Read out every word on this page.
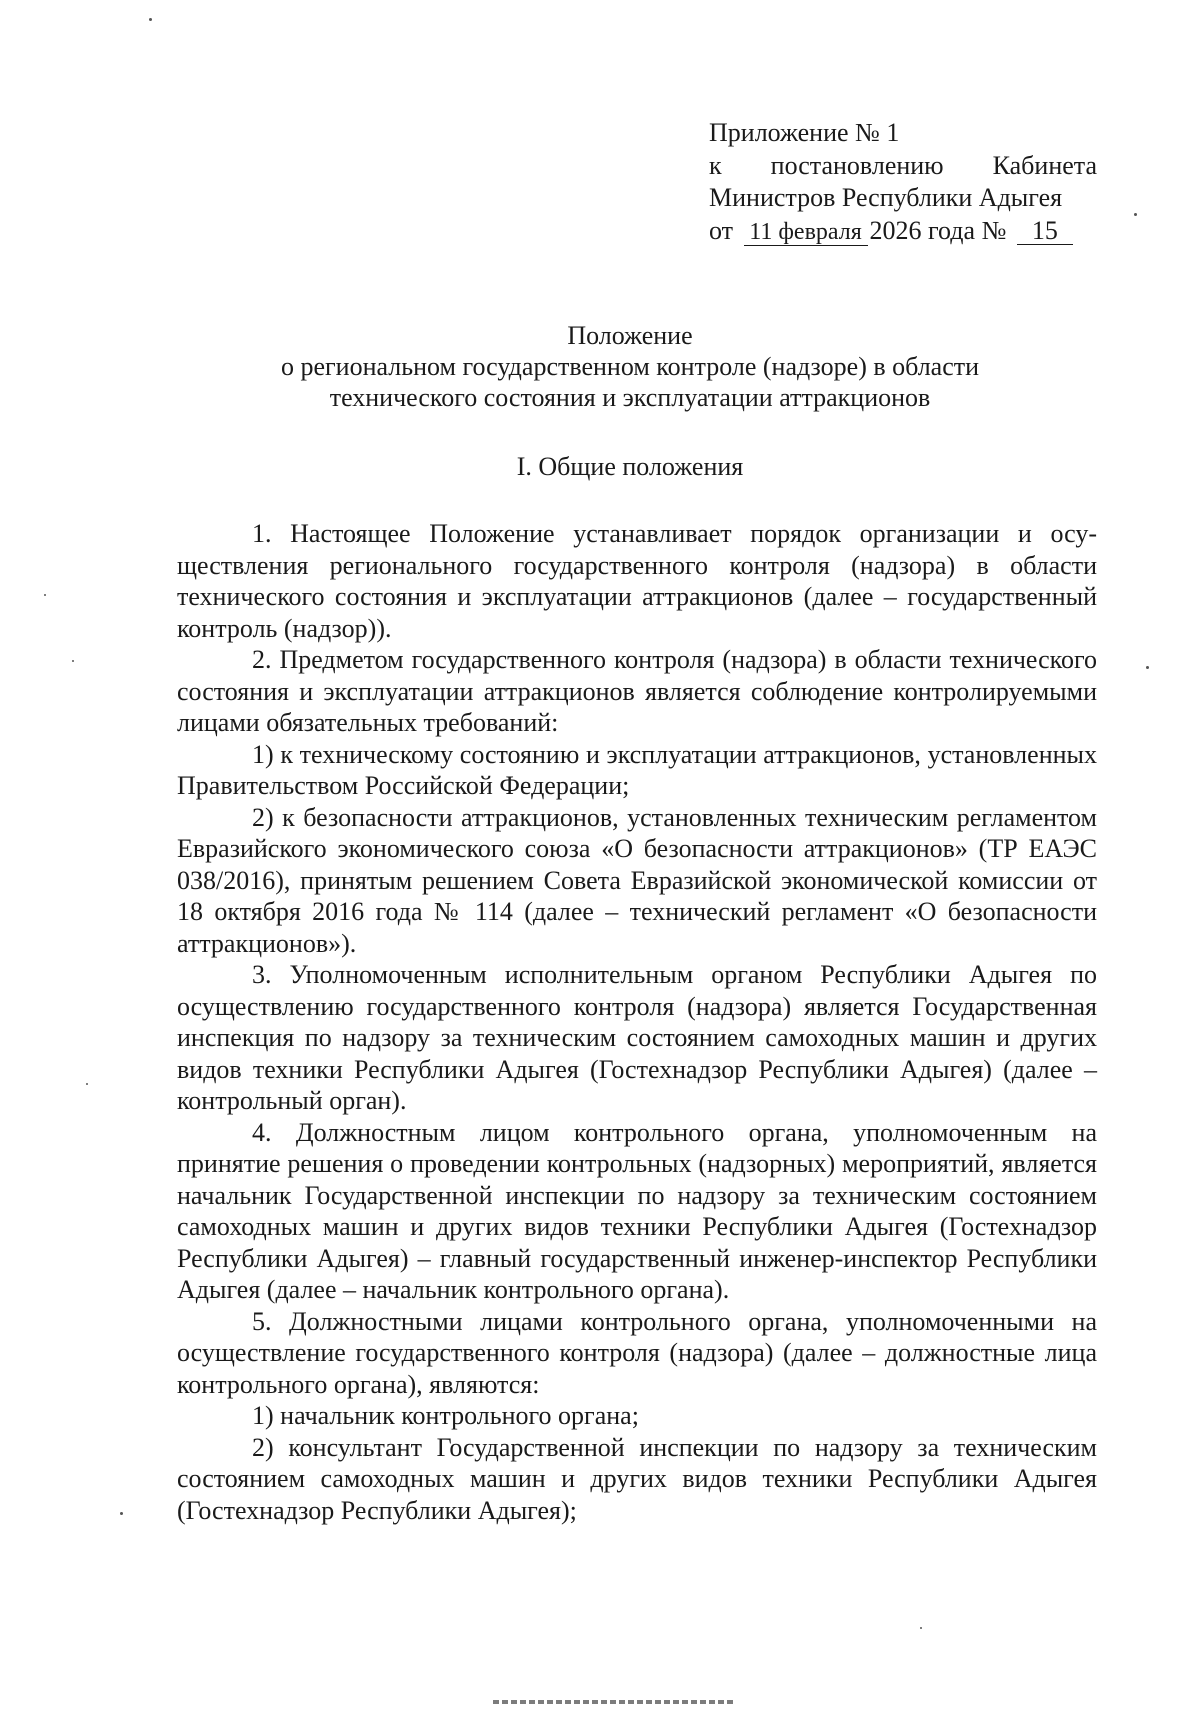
Приложение № 1
к постановлению Кабинета
Министров Республики Адыгея
от 11 февраля 2026 года № 15
Положение
о региональном государственном контроле (надзоре) в области
технического состояния и эксплуатации аттракционов
I. Общие положения

1. Настоящее Положение устанавливает порядок организации и осуществления регионального государственного контроля (надзора) в области технического состояния и эксплуатации аттракционов (далее – государственный контроль (надзор)).

2. Предметом государственного контроля (надзора) в области технического состояния и эксплуатации аттракционов является соблюдение контролируемыми лицами обязательных требований:

1) к техническому состоянию и эксплуатации аттракционов, установленных Правительством Российской Федерации;

2) к безопасности аттракционов, установленных техническим регламентом Евразийского экономического союза «О безопасности аттракционов» (ТР ЕАЭС 038/2016), принятым решением Совета Евразийской экономической комиссии от 18 октября 2016 года № 114 (далее – технический регламент «О безопасности аттракционов»).

3. Уполномоченным исполнительным органом Республики Адыгея по осуществлению государственного контроля (надзора) является Государственная инспекция по надзору за техническим состоянием самоходных машин и других видов техники Республики Адыгея (Гостехнадзор Республики Адыгея) (далее – контрольный орган).

4. Должностным лицом контрольного органа, уполномоченным на принятие решения о проведении контрольных (надзорных) мероприятий, является начальник Государственной инспекции по надзору за техническим состоянием самоходных машин и других видов техники Республики Адыгея (Гостехнадзор Республики Адыгея) – главный государственный инженер-инспектор Республики Адыгея (далее – начальник контрольного органа).

5. Должностными лицами контрольного органа, уполномоченными на осуществление государственного контроля (надзора) (далее – должностные лица контрольного органа), являются:

1) начальник контрольного органа;

2) консультант Государственной инспекции по надзору за техническим состоянием самоходных машин и других видов техники Республики Адыгея (Гостехнадзор Республики Адыгея);
